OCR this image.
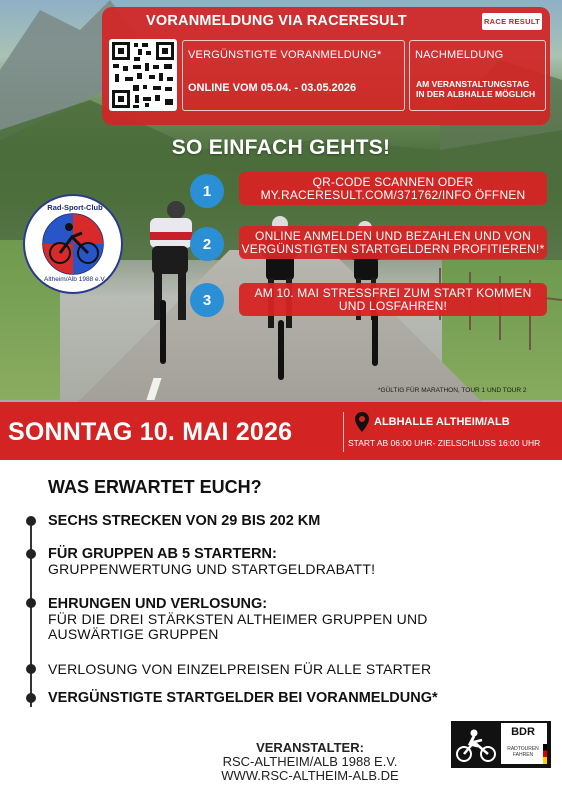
Rad-Sport-Club
Altheim/Alb 1988 e.V.
VORANMELDUNG VIA RACERESULT	RACE RESULT
VERGÜNSTIGTE VORANMELDUNG*
ONLINE VOM 05.04. - 03.05.2026
NACHMELDUNG
AM VERANSTALTUNGSTAG
IN DER ALBHALLE MÖGLICH
SO EINFACH GEHTS!
1
QR-CODE SCANNEN ODER
MY.RACERESULT.COM/371762/INFO ÖFFNEN
2	ONLINE ANMELDEN UND BEZAHLEN UND VON
VERGÜNSTIGTEN STARTGELDERN PROFITIEREN!*
3	AM 10. MAI STRESSFREI ZUM START KOMMEN
UND LOSFAHREN!
*GÜLTIG FÜR MARATHON, TOUR 1 UND TOUR 2
SONNTAG 10. MAI 2026	ALBHALLE ALTHEIM/ALB
START AB 06:00 UHR- ZIELSCHLUSS 16:00 UHR
WAS ERWARTET EUCH?
SECHS STRECKEN VON 29 BIS 202 KM
FÜR GRUPPEN AB 5 STARTERN:
GRUPPENWERTUNG UND STARTGELDRABATT!
EHRUNGEN UND VERLOSUNG:
FÜR DIE DREI STÄRKSTEN ALTHEIMER GRUPPEN UND
AUSWÄRTIGE GRUPPEN
VERLOSUNG VON EINZELPREISEN FÜR ALLE STARTER
VERGÜNSTIGTE STARTGELDER BEI VORANMELDUNG*
VERANSTALTER:
RSC-ALTHEIM/ALB 1988 E.V.
WWW.RSC-ALTHEIM-ALB.DE
BDR
RADTOUREN
FAHREN
